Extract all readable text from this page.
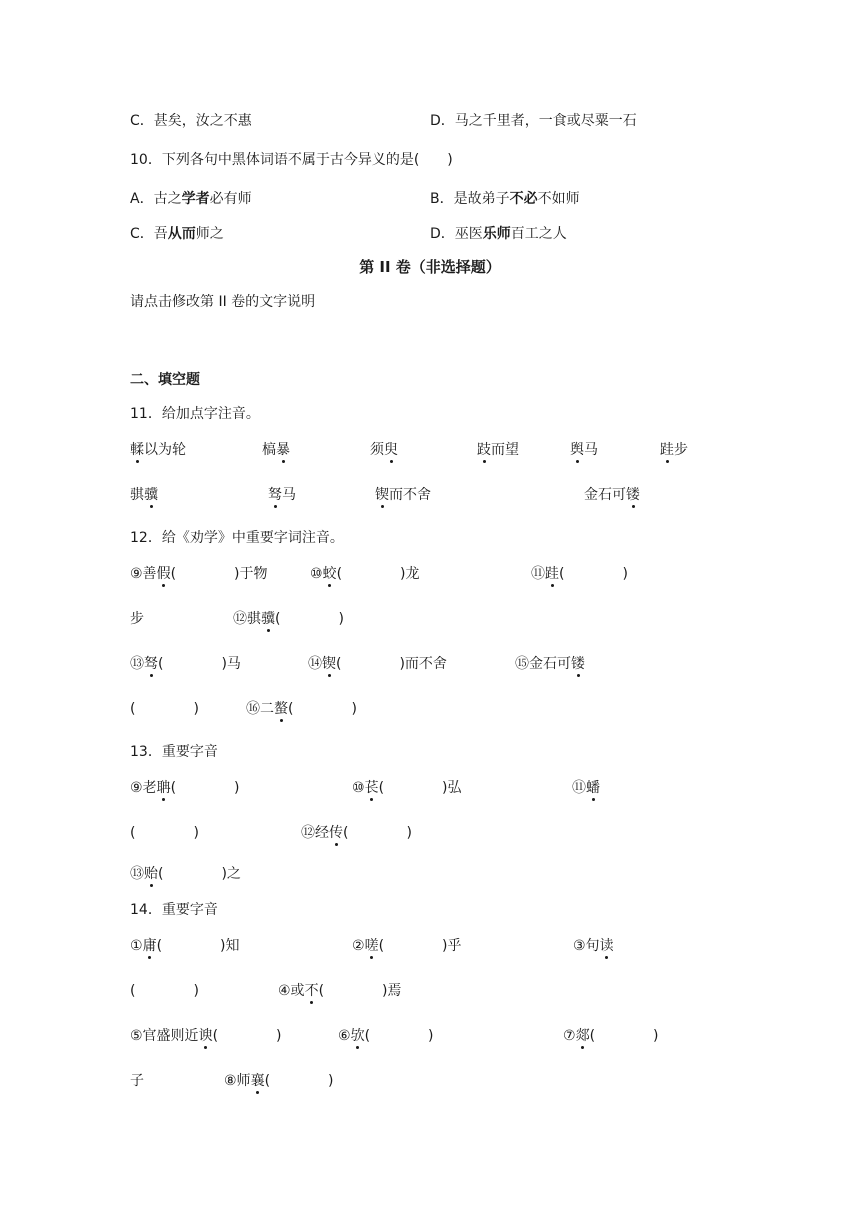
C．甚矣，汝之不惠	D．马之千里者，一食或尽粟一石
10．下列各句中黑体词语不属于古今异义的是(　　)
A．古之学者必有师	B．是故弟子不必不如师
C．吾从而师之	D．巫医乐师百工之人
第 II 卷（非选择题）
请点击修改第 II 卷的文字说明
二、填空题
11．给加点字注音。
輮以为轮	槁暴	须臾	跂而望	舆马	跬步
骐骥	驽马	锲而不舍	金石可镂
12．给《劝学》中重要字词注音。
⑨善假(	)于物	⑩蛟(	)龙	⑪跬(	)
步	⑫骐骥(	)
⑬驽(	)马	⑭锲(	)而不舍	⑮金石可镂
(	)	⑯二螯(	)
13．重要字音
⑨老聃(	)	⑩苌(	)弘	⑪蟠
(	)	⑫经传(	)
⑬贻(	)之
14．重要字音
①庸(	)知	②嗟(	)乎	③句读
(	)	④或不(	)焉
⑤官盛则近谀(	)	⑥欤(	)	⑦郯(	)
子	⑧师襄(	)
